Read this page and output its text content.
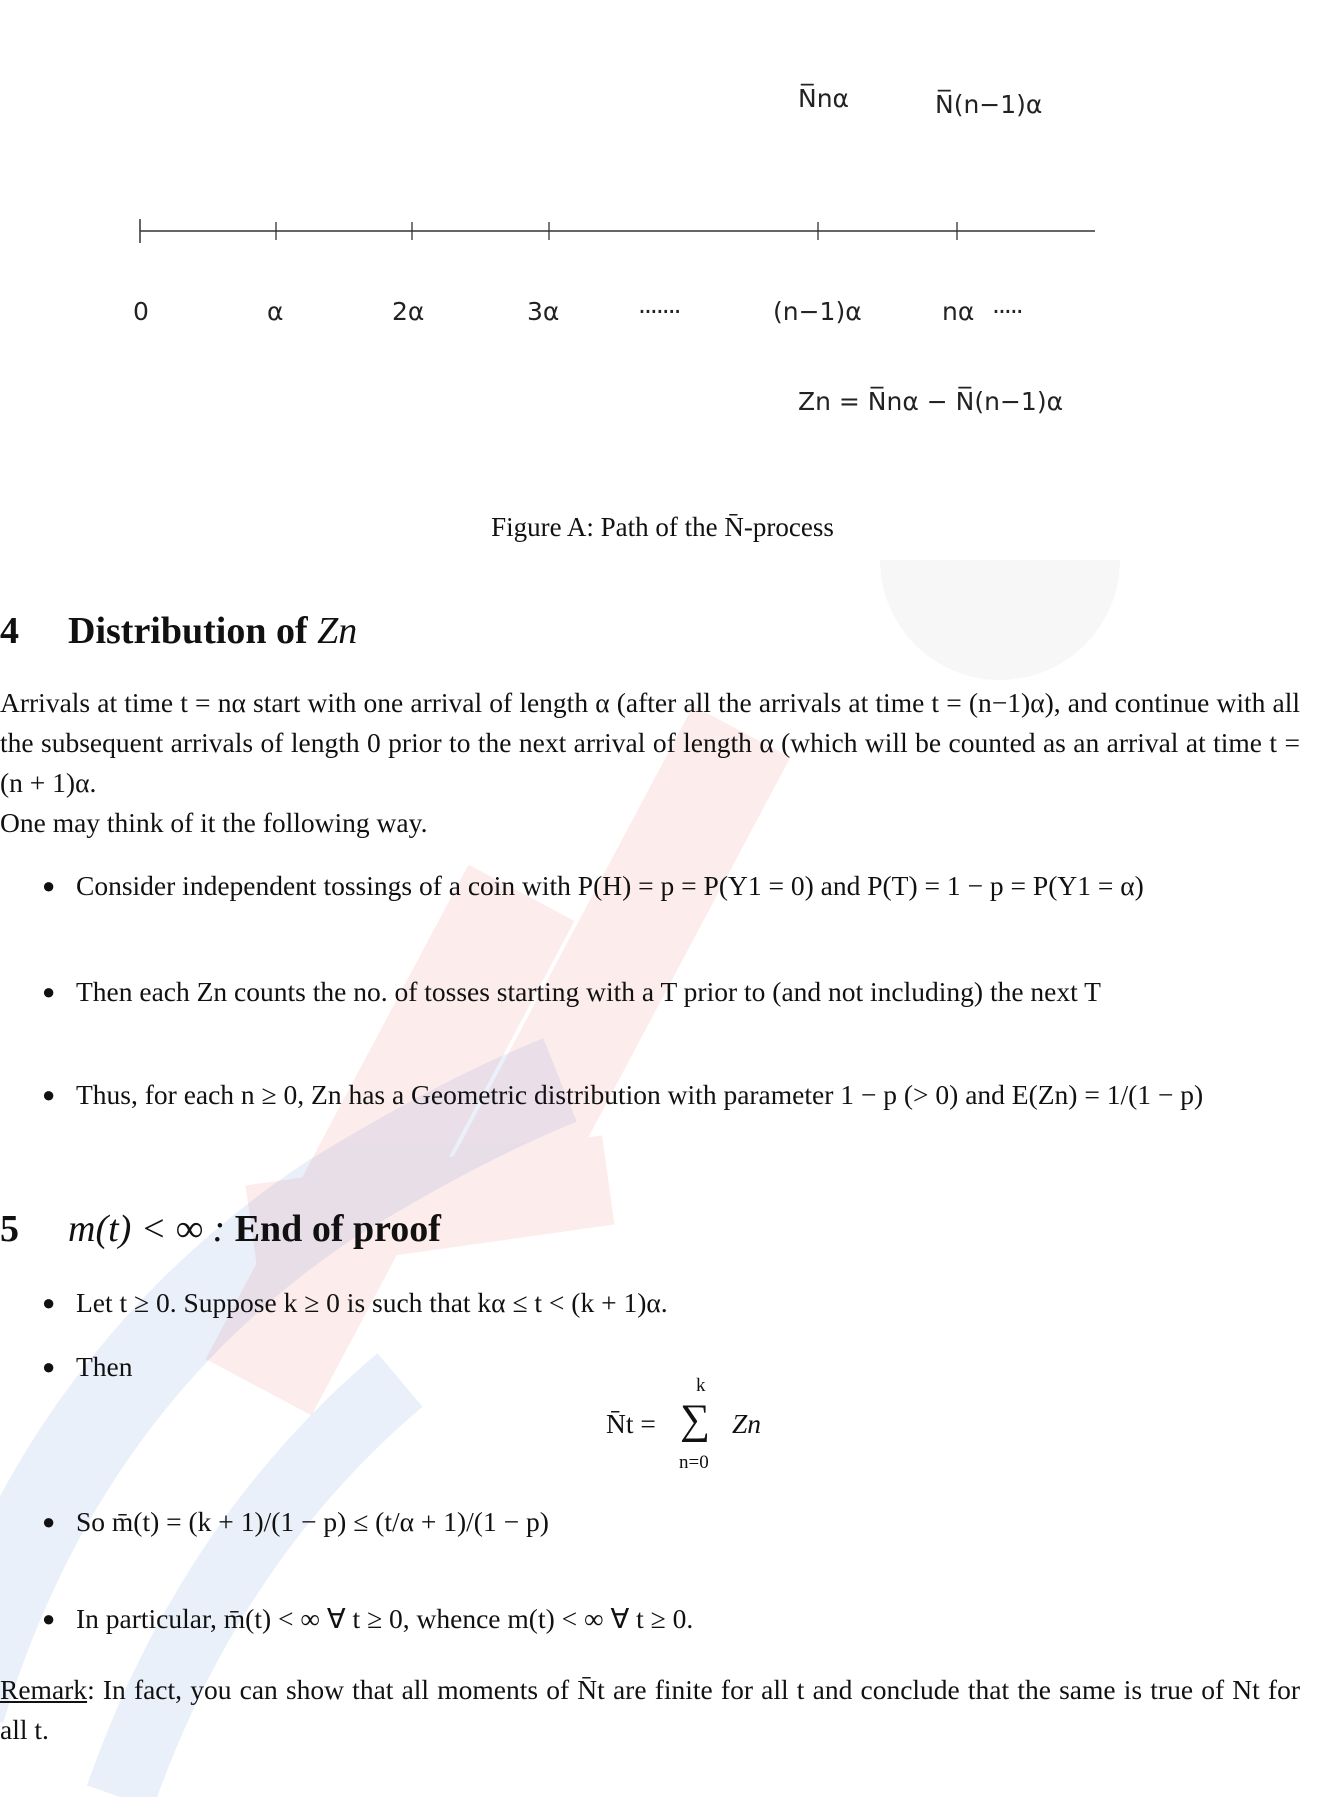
N̅nα	N̅(n−1)α
0	α	2α	3α	·······	(n−1)α	nα ·····
Zn = N̅nα − N̅(n−1)α
Figure A: Path of the N̄-process
4 Distribution of Zn
Arrivals at time t = nα start with one arrival of length α (after all the arrivals at time t = (n−1)α), and continue with all the subsequent arrivals of length 0 prior to the next arrival of length α (which will be counted as an arrival at time t = (n + 1)α.
One may think of it the following way.
● Consider independent tossings of a coin with P(H) = p = P(Y1 = 0) and P(T) = 1 − p = P(Y1 = α)
● Then each Zn counts the no. of tosses starting with a T prior to (and not including) the next T
● Thus, for each n ≥ 0, Zn has a Geometric distribution with parameter 1 − p (> 0) and E(Zn) = 1/(1 − p)
5 m(t) < ∞ : End of proof
● Let t ≥ 0. Suppose k ≥ 0 is such that kα ≤ t < (k + 1)α.
● Then
N̄t =
k
∑
n=0
Zn
● So m̄(t) = (k + 1)/(1 − p) ≤ (t/α + 1)/(1 − p)
● In particular, m̄(t) < ∞ ∀ t ≥ 0, whence m(t) < ∞ ∀ t ≥ 0.
Remark: In fact, you can show that all moments of N̄t are finite for all t and conclude that the same is true of Nt for all t.
